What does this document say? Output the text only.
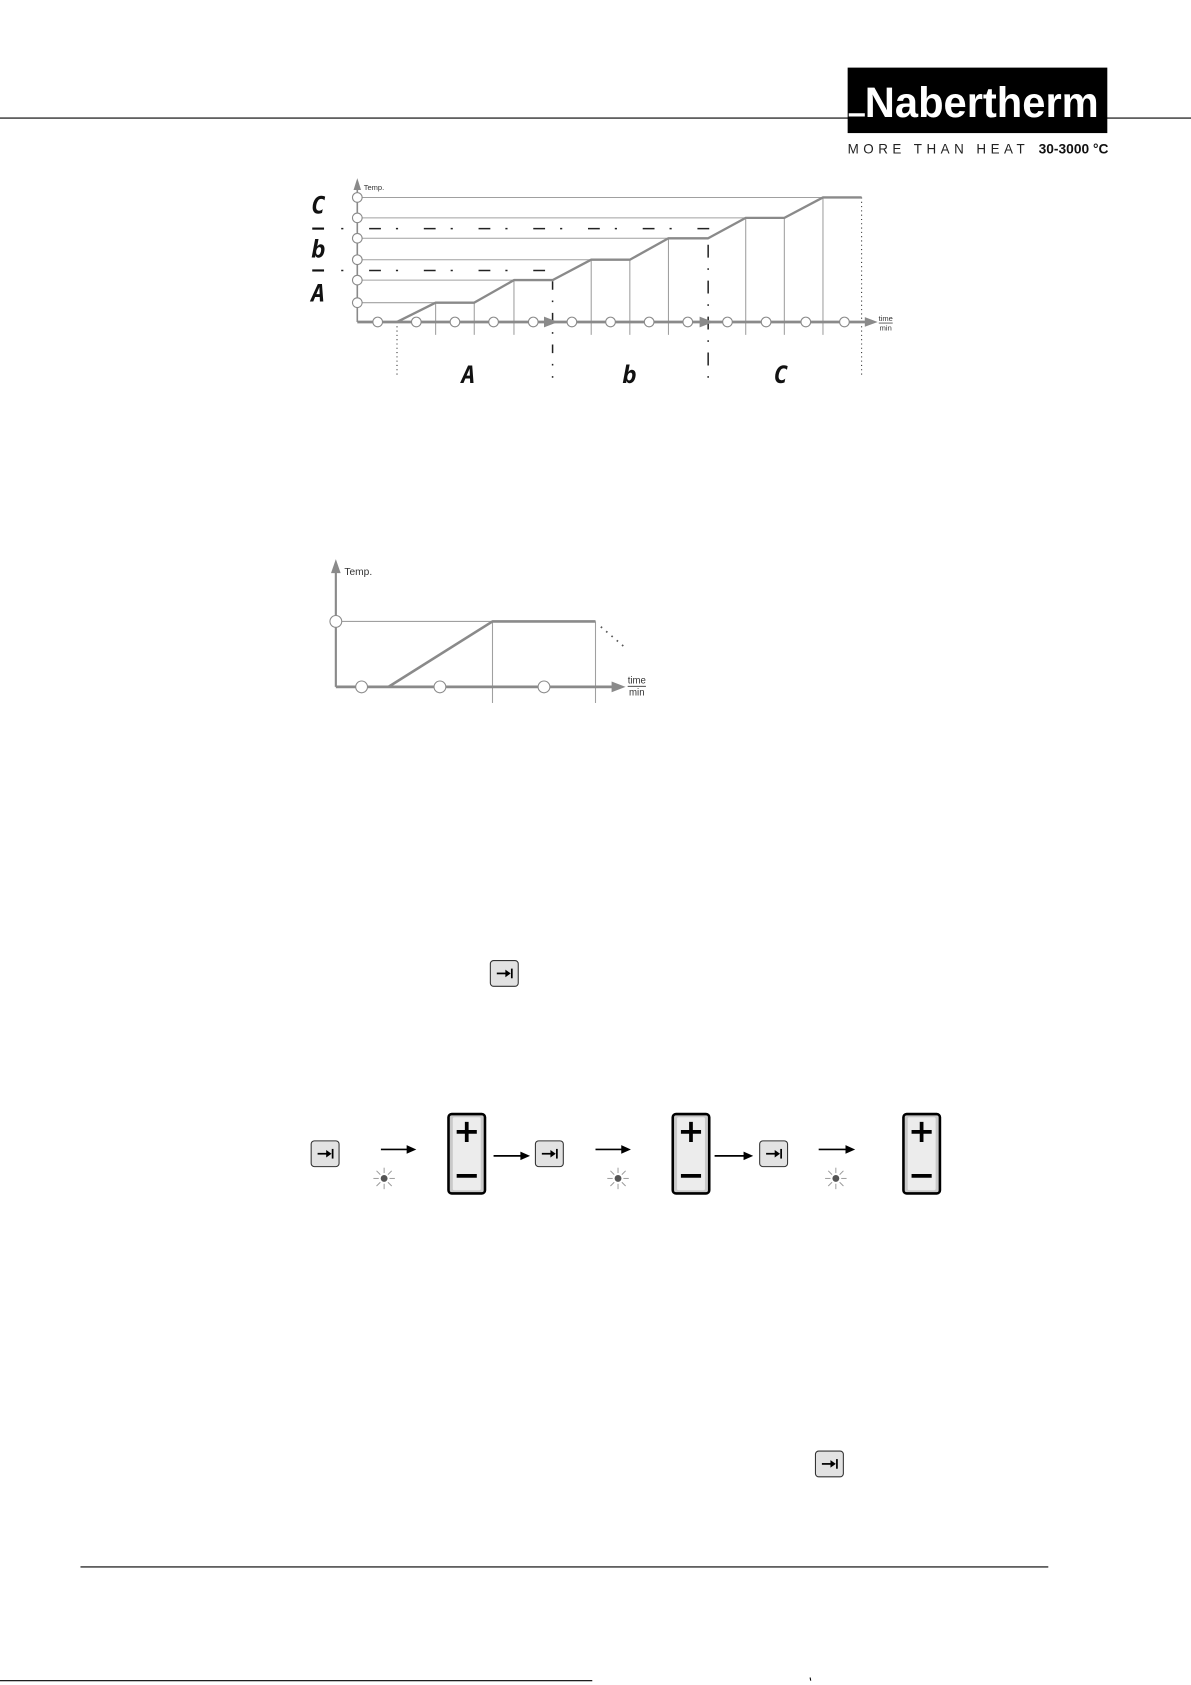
Nabertherm
MORE THAN HEAT 30-3000 °C
Temp.
time
min
C
b
A
A	b	C
Temp.
time
min
+
−
+
−
+
−
